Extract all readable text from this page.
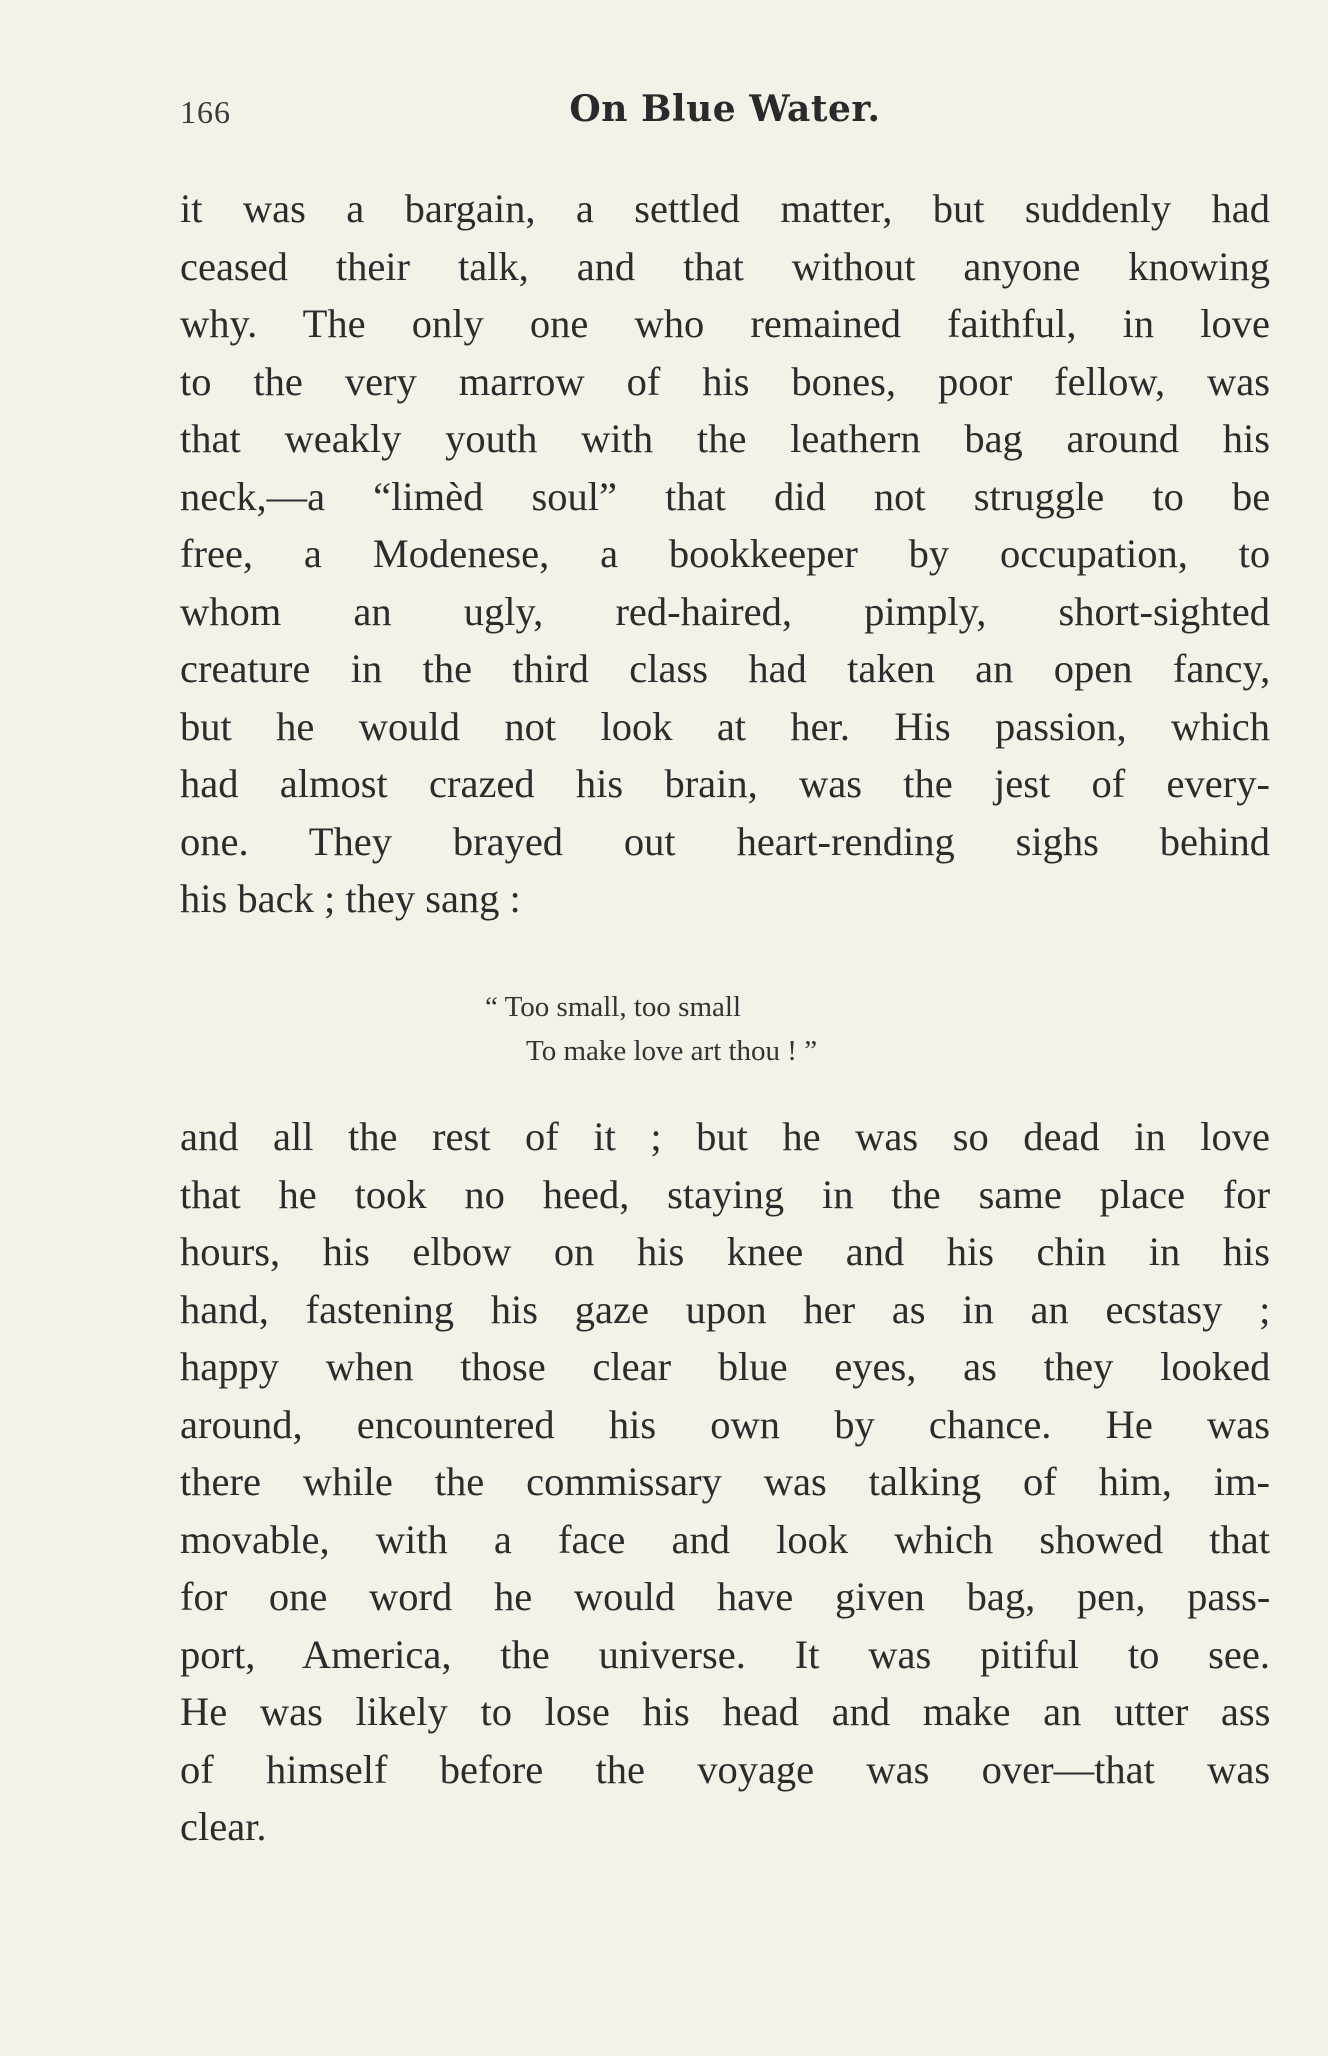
166	On Blue Water.
it was a bargain, a settled matter, but suddenly had
ceased their talk, and that without anyone knowing
why. The only one who remained faithful, in love
to the very marrow of his bones, poor fellow, was
that weakly youth with the leathern bag around his
neck,—a “limèd soul” that did not struggle to be
free, a Modenese, a bookkeeper by occupation, to
whom an ugly, red-haired, pimply, short-sighted
creature in the third class had taken an open fancy,
but he would not look at her. His passion, which
had almost crazed his brain, was the jest of every-
one. They brayed out heart-rending sighs behind
his back ; they sang :
“ Too small, too small
To make love art thou ! ”
and all the rest of it ; but he was so dead in love
that he took no heed, staying in the same place for
hours, his elbow on his knee and his chin in his
hand, fastening his gaze upon her as in an ecstasy ;
happy when those clear blue eyes, as they looked
around, encountered his own by chance. He was
there while the commissary was talking of him, im-
movable, with a face and look which showed that
for one word he would have given bag, pen, pass-
port, America, the universe. It was pitiful to see.
He was likely to lose his head and make an utter ass
of himself before the voyage was over—that was
clear.
